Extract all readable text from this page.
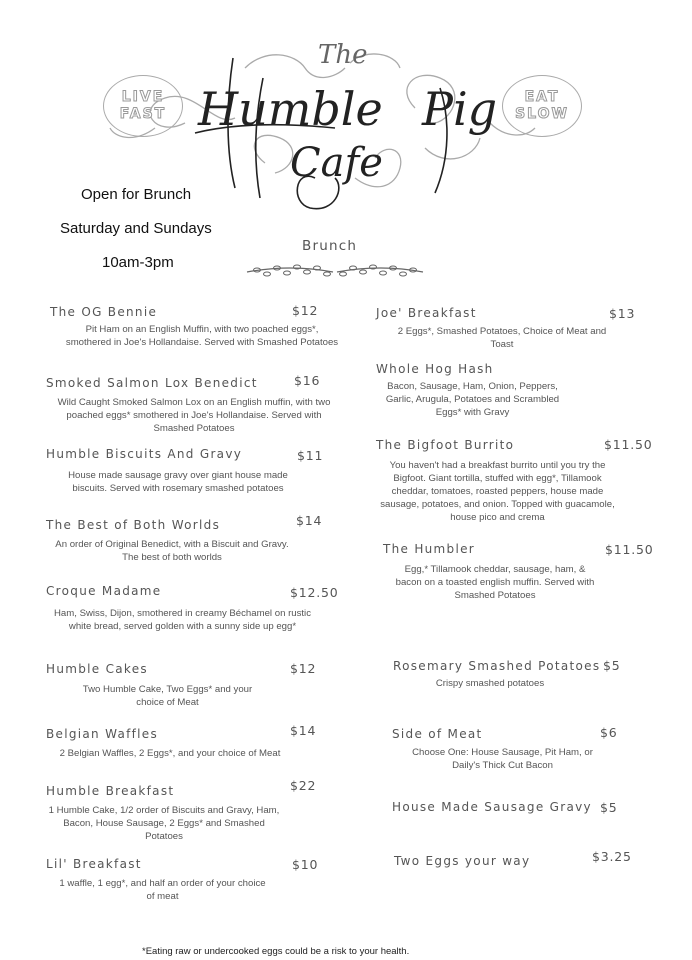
LIVE
FAST
EAT
SLOW
The
Humble Pig
Cafe
Open for Brunch
Saturday and Sundays
10am-3pm
Brunch
The OG Bennie	$12
Pit Ham on an English Muffin, with two poached eggs*, smothered in Joe's Hollandaise. Served with Smashed Potatoes
Smoked Salmon Lox Benedict	$16
Wild Caught Smoked Salmon Lox on an English muffin, with two poached eggs* smothered in Joe's Hollandaise. Served with Smashed Potatoes
Humble Biscuits And Gravy	$11
House made sausage gravy over giant house made biscuits. Served with rosemary smashed potatoes
The Best of Both Worlds	$14
An order of Original Benedict, with a Biscuit and Gravy. The best of both worlds
Croque Madame	$12.50
Ham, Swiss, Dijon, smothered in creamy Béchamel on rustic white bread, served golden with a sunny side up egg*
Humble Cakes	$12
Two Humble Cake, Two Eggs* and your choice of Meat
Belgian Waffles	$14
2 Belgian Waffles, 2 Eggs*, and your choice of Meat
Humble Breakfast	$22
1 Humble Cake, 1/2 order of Biscuits and Gravy, Ham, Bacon, House Sausage, 2 Eggs* and Smashed Potatoes
Lil' Breakfast	$10
1 waffle, 1 egg*, and half an order of your choice of meat
Joe' Breakfast	$13
2 Eggs*, Smashed Potatoes, Choice of Meat and Toast
Whole Hog Hash
Bacon, Sausage, Ham, Onion, Peppers, Garlic, Arugula, Potatoes and Scrambled Eggs* with Gravy
The Bigfoot Burrito	$11.50
You haven't had a breakfast burrito until you try the Bigfoot. Giant tortilla, stuffed with egg*, Tillamook cheddar, tomatoes, roasted peppers, house made sausage, potatoes, and onion. Topped with guacamole, house pico and crema
The Humbler	$11.50
Egg,* Tillamook cheddar, sausage, ham, & bacon on a toasted english muffin. Served with Smashed Potatoes
Rosemary Smashed Potatoes $5
Crispy smashed potatoes
Side of Meat	$6
Choose One: House Sausage, Pit Ham, or Daily's Thick Cut Bacon
House Made Sausage Gravy $5
Two Eggs your way	$3.25
*Eating raw or undercooked eggs could be a risk to your health.
